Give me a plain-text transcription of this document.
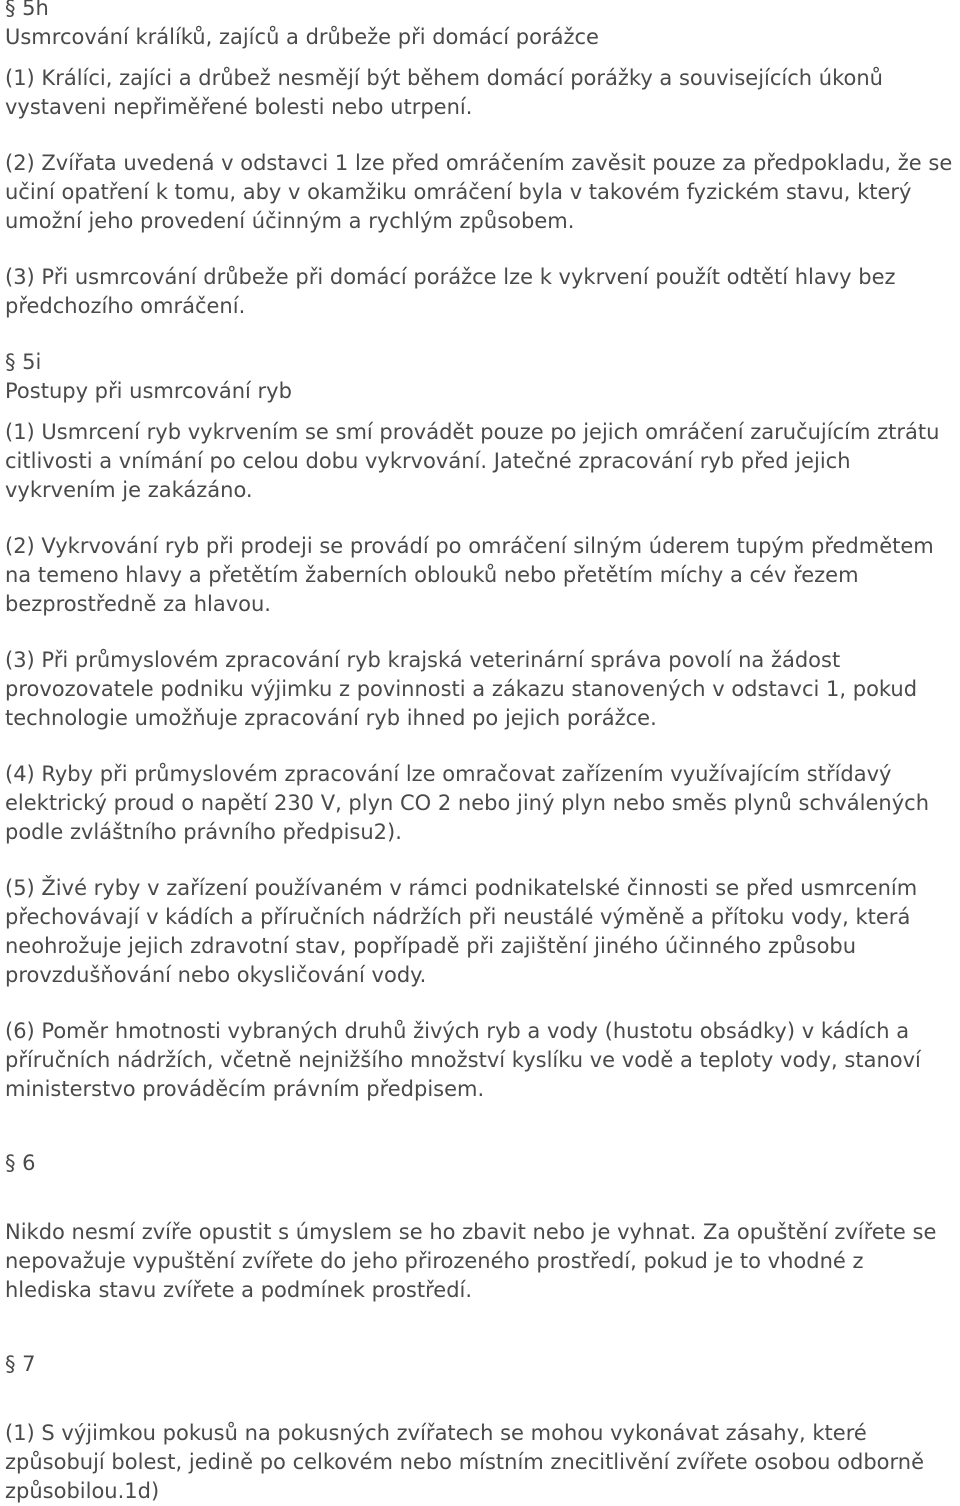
§ 5h
Usmrcování králíků, zajíců a drůbeže při domácí porážce

(1) Králíci, zajíci a drůbež nesmějí být během domácí porážky a souvisejících úkonů vystaveni nepřiměřené bolesti nebo utrpení.

(2) Zvířata uvedená v odstavci 1 lze před omráčením zavěsit pouze za předpokladu, že se učiní opatření k tomu, aby v okamžiku omráčení byla v takovém fyzickém stavu, který umožní jeho provedení účinným a rychlým způsobem.

(3) Při usmrcování drůbeže při domácí porážce lze k vykrvení použít odtětí hlavy bez předchozího omráčení.

§ 5i
Postupy při usmrcování ryb

(1) Usmrcení ryb vykrvením se smí provádět pouze po jejich omráčení zaručujícím ztrátu citlivosti a vnímání po celou dobu vykrvování. Jatečné zpracování ryb před jejich vykrvením je zakázáno.

(2) Vykrvování ryb při prodeji se provádí po omráčení silným úderem tupým předmětem na temeno hlavy a přetětím žaberních oblouků nebo přetětím míchy a cév řezem bezprostředně za hlavou.

(3) Při průmyslovém zpracování ryb krajská veterinární správa povolí na žádost provozovatele podniku výjimku z povinnosti a zákazu stanovených v odstavci 1, pokud technologie umožňuje zpracování ryb ihned po jejich porážce.

(4) Ryby při průmyslovém zpracování lze omračovat zařízením využívajícím střídavý elektrický proud o napětí 230 V, plyn CO 2 nebo jiný plyn nebo směs plynů schválených podle zvláštního právního předpisu2).

(5) Živé ryby v zařízení používaném v rámci podnikatelské činnosti se před usmrcením přechovávají v kádích a příručních nádržích při neustálé výměně a přítoku vody, která neohrožuje jejich zdravotní stav, popřípadě při zajištění jiného účinného způsobu provzdušňování nebo okysličování vody.

(6) Poměr hmotnosti vybraných druhů živých ryb a vody (hustotu obsádky) v kádích a příručních nádržích, včetně nejnižšího množství kyslíku ve vodě a teploty vody, stanoví ministerstvo prováděcím právním předpisem.

§ 6

Nikdo nesmí zvíře opustit s úmyslem se ho zbavit nebo je vyhnat. Za opuštění zvířete se nepovažuje vypuštění zvířete do jeho přirozeného prostředí, pokud je to vhodné z hlediska stavu zvířete a podmínek prostředí.

§ 7

(1) S výjimkou pokusů na pokusných zvířatech se mohou vykonávat zásahy, které způsobují bolest, jedině po celkovém nebo místním znecitlivění zvířete osobou odborně způsobilou.1d)
